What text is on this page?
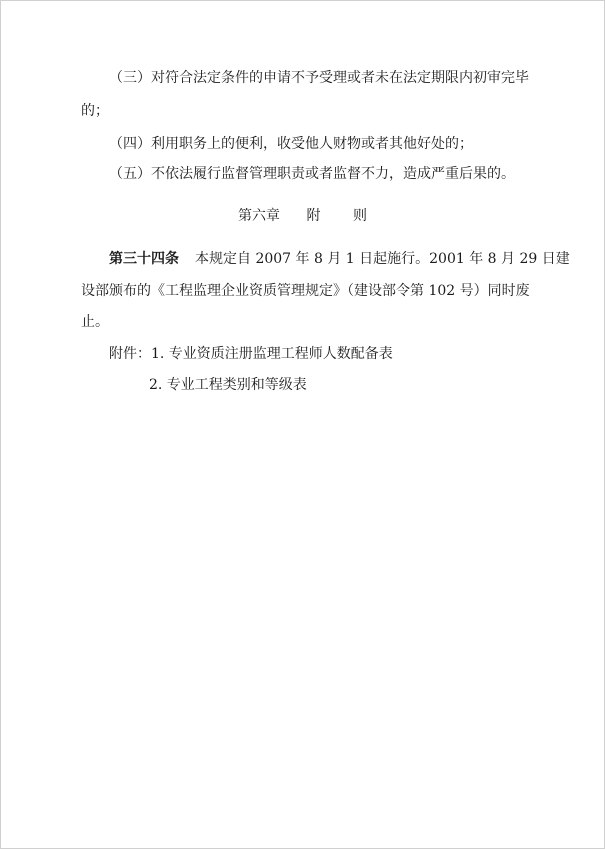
（三）对符合法定条件的申请不予受理或者未在法定期限内初审完毕
的；
（四）利用职务上的便利，收受他人财物或者其他好处的；
（五）不依法履行监督管理职责或者监督不力，造成严重后果的。
第六章 附 则
第三十四条 本规定自 2007 年 8 月 1 日起施行。2001 年 8 月 29 日建
设部颁布的《工程监理企业资质管理规定》（建设部令第 102 号）同时废
止。
附件：1. 专业资质注册监理工程师人数配备表
2. 专业工程类别和等级表
